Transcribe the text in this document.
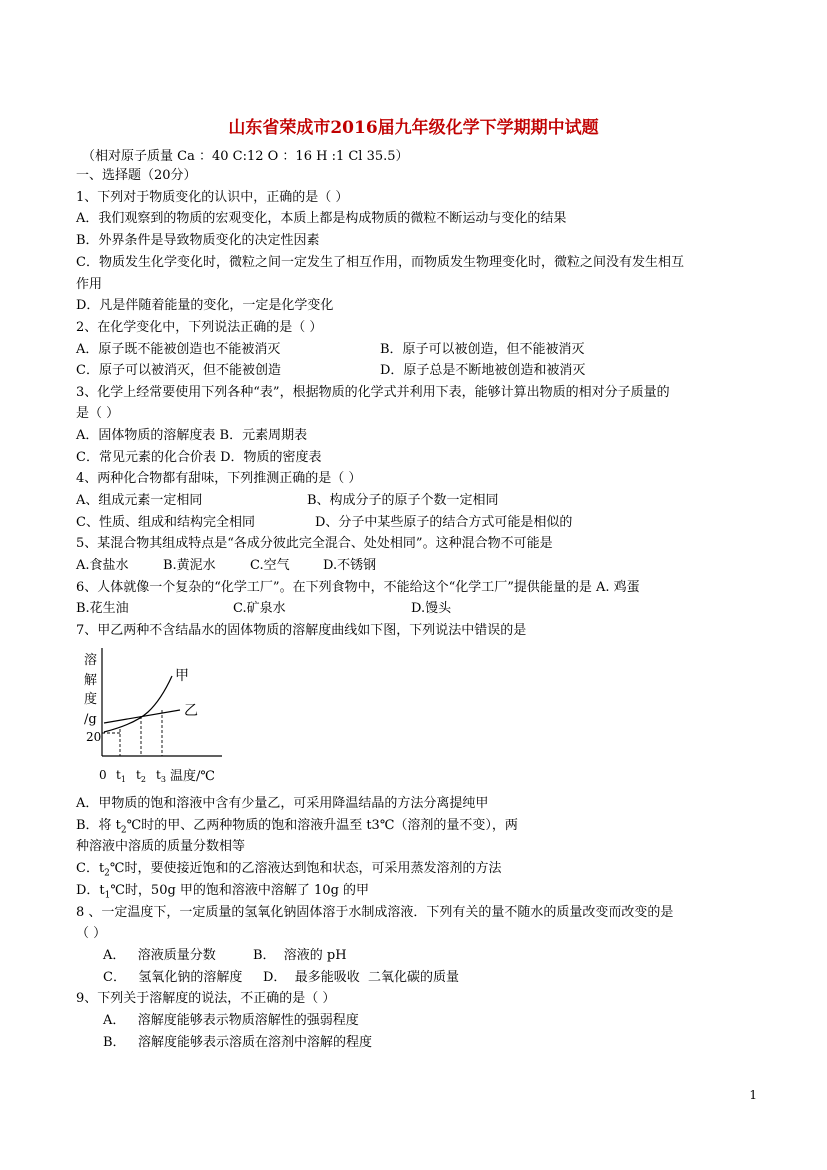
山东省荣成市2016届九年级化学下学期期中试题
（相对原子质量 Ca ：40 C:12 O ：16 H :1 Cl 35.5）
一、选择题（20分）
1、下列对于物质变化的认识中，正确的是（ ）
A．我们观察到的物质的宏观变化，本质上都是构成物质的微粒不断运动与变化的结果
B．外界条件是导致物质变化的决定性因素
C．物质发生化学变化时，微粒之间一定发生了相互作用，而物质发生物理变化时，微粒之间没有发生相互
作用
D．凡是伴随着能量的变化，一定是化学变化
2、在化学变化中，下列说法正确的是（ ）
A．原子既不能被创造也不能被消灭	B．原子可以被创造，但不能被消灭
C．原子可以被消灭，但不能被创造	D．原子总是不断地被创造和被消灭
3、化学上经常要使用下列各种“表”，根据物质的化学式并利用下表，能够计算出物质的相对分子质量的
是（ ）
A．固体物质的溶解度表 B．元素周期表
C．常见元素的化合价表 D．物质的密度表
4、两种化合物都有甜味，下列推测正确的是（ ）
A、组成元素一定相同	B、构成分子的原子个数一定相同
C、性质、组成和结构完全相同	D、分子中某些原子的结合方式可能是相似的
5、某混合物其组成特点是“各成分彼此完全混合、处处相同”。这种混合物不可能是
A.食盐水	B.黄泥水	C.空气	D.不锈钢
6、人体就像一个复杂的“化学工厂”。在下列食物中，不能给这个“化学工厂”提供能量的是 A. 鸡蛋
B.花生油	C.矿泉水	D.馒头
7、甲乙两种不含结晶水的固体物质的溶解度曲线如下图，下列说法中错误的是
溶
解
度
/g
20
甲
乙
0 $t_1$ $t_2$ $t_3$ 温度/℃
A．甲物质的饱和溶液中含有少量乙，可采用降温结晶的方法分离提纯甲
B．将 $t_2℃$时的甲、乙两种物质的饱和溶液升温至 t3℃（溶剂的量不变），两
种溶液中溶质的质量分数相等
C．$t_2℃$时，要使接近饱和的乙溶液达到饱和状态，可采用蒸发溶剂的方法
D．$t_1℃$时，50g 甲的饱和溶液中溶解了 10g 的甲
8 、一定温度下，一定质量的氢氧化钠固体溶于水制成溶液．下列有关的量不随水的质量改变而改变的是
（ ）
A．   溶液质量分数         B．  溶液的 pH
C．   氢氧化钠的溶解度     D．  最多能吸收  二氧化碳的质量
9、下列关于溶解度的说法，不正确的是（ ）
A．   溶解度能够表示物质溶解性的强弱程度
B．   溶解度能够表示溶质在溶剂中溶解的程度
1
